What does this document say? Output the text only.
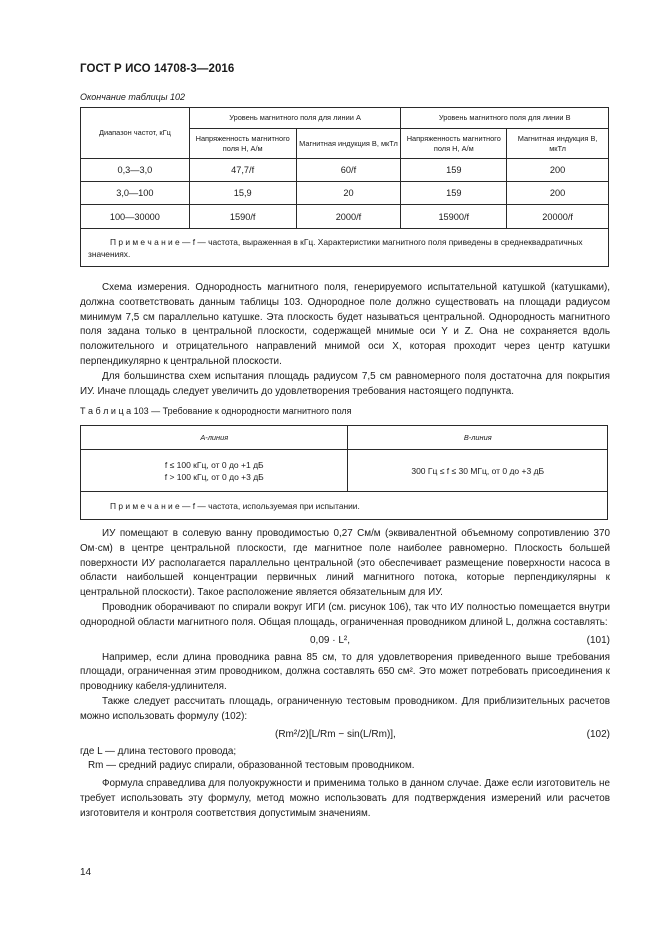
ГОСТ Р ИСО 14708-3—2016
Окончание таблицы 102
Диапазон частот, кГц	Уровень магнитного поля для линии A		Уровень магнитного поля для линии B	
	Напряженность магнитного поля H, А/м	Магнитная индукция B, мкТл	Напряженность магнитного поля H, А/м	Магнитная индукция B, мкТл
0,3—3,0	47,7/f	60/f	159	200
3,0—100	15,9	20	159	200
100—30000	1590/f	2000/f	15900/f	20000/f
П р и м е ч а н и е — f — частота, выраженная в кГц. Характеристики магнитного поля приведены в среднеквадратичных значениях.				

Схема измерения. Однородность магнитного поля, генерируемого испытательной катушкой (катушками), должна соответствовать данным таблицы 103. Однородное поле должно существовать на площади радиусом минимум 7,5 см параллельно катушке. Эта плоскость будет называться центральной. Однородность магнитного поля задана только в центральной плоскости, содержащей мнимые оси Y и Z. Она не сохраняется вдоль положительного и отрицательного направлений мнимой оси X, которая проходит через центр катушки перпендикулярно к центральной плоскости.

Для большинства схем испытания площадь радиусом 7,5 см равномерного поля достаточна для покрытия ИУ. Иначе площадь следует увеличить до удовлетворения требования настоящего подпункта.

Т а б л и ц а 103 — Требование к однородности магнитного поля
А-линия	B-линия
f ≤ 100 кГц, от 0 до +1 дБ
f > 100 кГц, от 0 до +3 дБ	300 Гц ≤ f ≤ 30 МГц, от 0 до +3 дБ
П р и м е ч а н и е — f — частота, используемая при испытании.	

ИУ помещают в солевую ванну проводимостью 0,27 См/м (эквивалентной объемному сопротивлению 370 Ом·см) в центре центральной плоскости, где магнитное поле наиболее равномерно. Плоскость большей поверхности ИУ располагается параллельно центральной (это обеспечивает размещение поверхности насоса в области наибольшей концентрации первичных линий магнитного потока, которые перпендикулярны к центральной плоскости). Такое расположение является обязательным для ИУ.

Проводник оборачивают по спирали вокруг ИГИ (см. рисунок 106), так что ИУ полностью помещается внутри однородной области магнитного поля. Общая площадь, ограниченная проводником длиной L, должна составлять:

0,09 · L²,	(101)

Например, если длина проводника равна 85 см, то для удовлетворения приведенного выше требования площади, ограниченная этим проводником, должна составлять 650 см². Это может потребовать присоединения к проводнику кабеля-удлинителя.

Также следует рассчитать площадь, ограниченную тестовым проводником. Для приблизительных расчетов можно использовать формулу (102):

(Rm²/2)[L/Rm − sin(L/Rm)],	(102)
где L — длина тестового провода;
Rm — средний радиус спирали, образованной тестовым проводником.

Формула справедлива для полуокружности и применима только в данном случае. Даже если изготовитель не требует использовать эту формулу, метод можно использовать для подтверждения измерений или расчетов изготовителя и контроля соответствия допустимым значениям.

14
